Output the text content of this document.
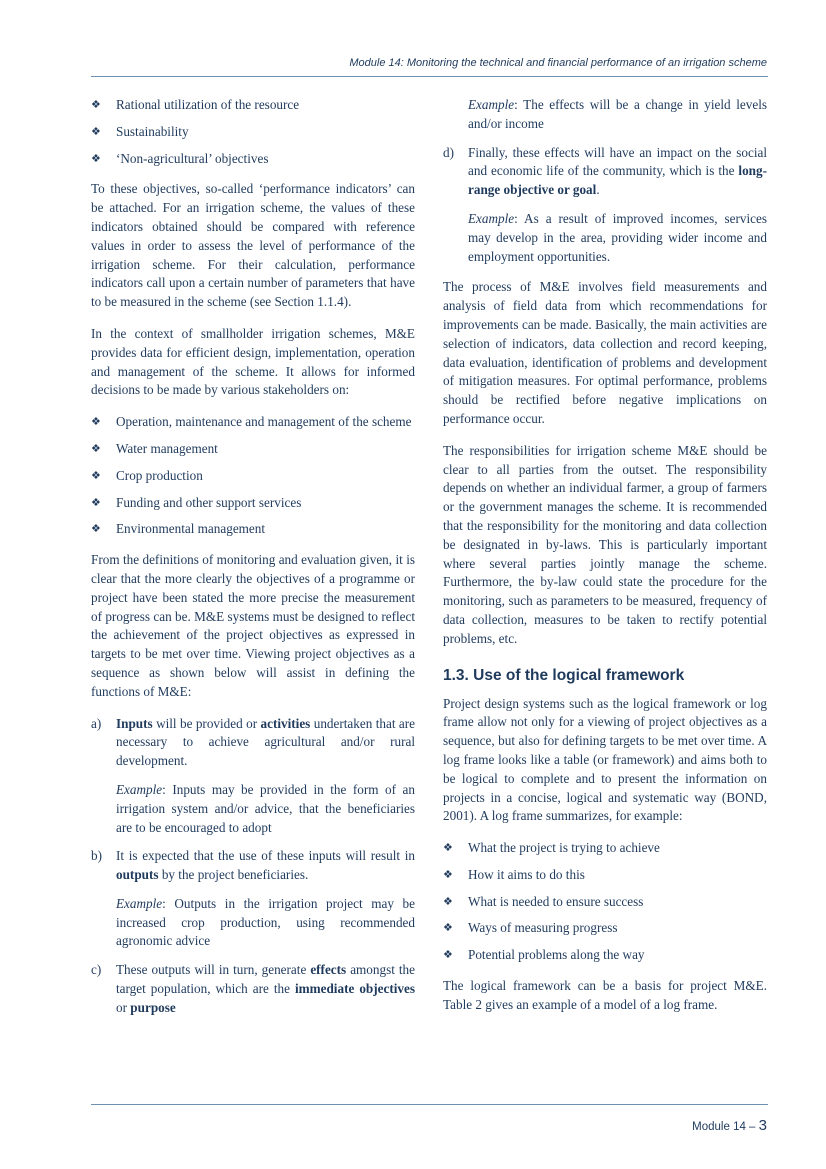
Module 14: Monitoring the technical and financial performance of an irrigation scheme
❖ Rational utilization of the resource
❖ Sustainability
❖ ‘Non-agricultural’ objectives

To these objectives, so-called ‘performance indicators’ can be attached. For an irrigation scheme, the values of these indicators obtained should be compared with reference values in order to assess the level of performance of the irrigation scheme. For their calculation, performance indicators call upon a certain number of parameters that have to be measured in the scheme (see Section 1.1.4).

In the context of smallholder irrigation schemes, M&E provides data for efficient design, implementation, operation and management of the scheme. It allows for informed decisions to be made by various stakeholders on:

❖ Operation, maintenance and management of the scheme
❖ Water management
❖ Crop production
❖ Funding and other support services
❖ Environmental management

From the definitions of monitoring and evaluation given, it is clear that the more clearly the objectives of a programme or project have been stated the more precise the measurement of progress can be. M&E systems must be designed to reflect the achievement of the project objectives as expressed in targets to be met over time. Viewing project objectives as a sequence as shown below will assist in defining the functions of M&E:

a) Inputs will be provided or activities undertaken that are necessary to achieve agricultural and/or rural development.
Example: Inputs may be provided in the form of an irrigation system and/or advice, that the beneficiaries are to be encouraged to adopt
b) It is expected that the use of these inputs will result in outputs by the project beneficiaries.
Example: Outputs in the irrigation project may be increased crop production, using recommended agronomic advice
c) These outputs will in turn, generate effects amongst the target population, which are the immediate objectives or purpose
Example: The effects will be a change in yield levels and/or income
d) Finally, these effects will have an impact on the social and economic life of the community, which is the long-range objective or goal.
Example: As a result of improved incomes, services may develop in the area, providing wider income and employment opportunities.

The process of M&E involves field measurements and analysis of field data from which recommendations for improvements can be made. Basically, the main activities are selection of indicators, data collection and record keeping, data evaluation, identification of problems and development of mitigation measures. For optimal performance, problems should be rectified before negative implications on performance occur.

The responsibilities for irrigation scheme M&E should be clear to all parties from the outset. The responsibility depends on whether an individual farmer, a group of farmers or the government manages the scheme. It is recommended that the responsibility for the monitoring and data collection be designated in by-laws. This is particularly important where several parties jointly manage the scheme. Furthermore, the by-law could state the procedure for the monitoring, such as parameters to be measured, frequency of data collection, measures to be taken to rectify potential problems, etc.

1.3. Use of the logical framework

Project design systems such as the logical framework or log frame allow not only for a viewing of project objectives as a sequence, but also for defining targets to be met over time. A log frame looks like a table (or framework) and aims both to be logical to complete and to present the information on projects in a concise, logical and systematic way (BOND, 2001). A log frame summarizes, for example:

❖ What the project is trying to achieve
❖ How it aims to do this
❖ What is needed to ensure success
❖ Ways of measuring progress
❖ Potential problems along the way

The logical framework can be a basis for project M&E. Table 2 gives an example of a model of a log frame.

Module 14 – 3
